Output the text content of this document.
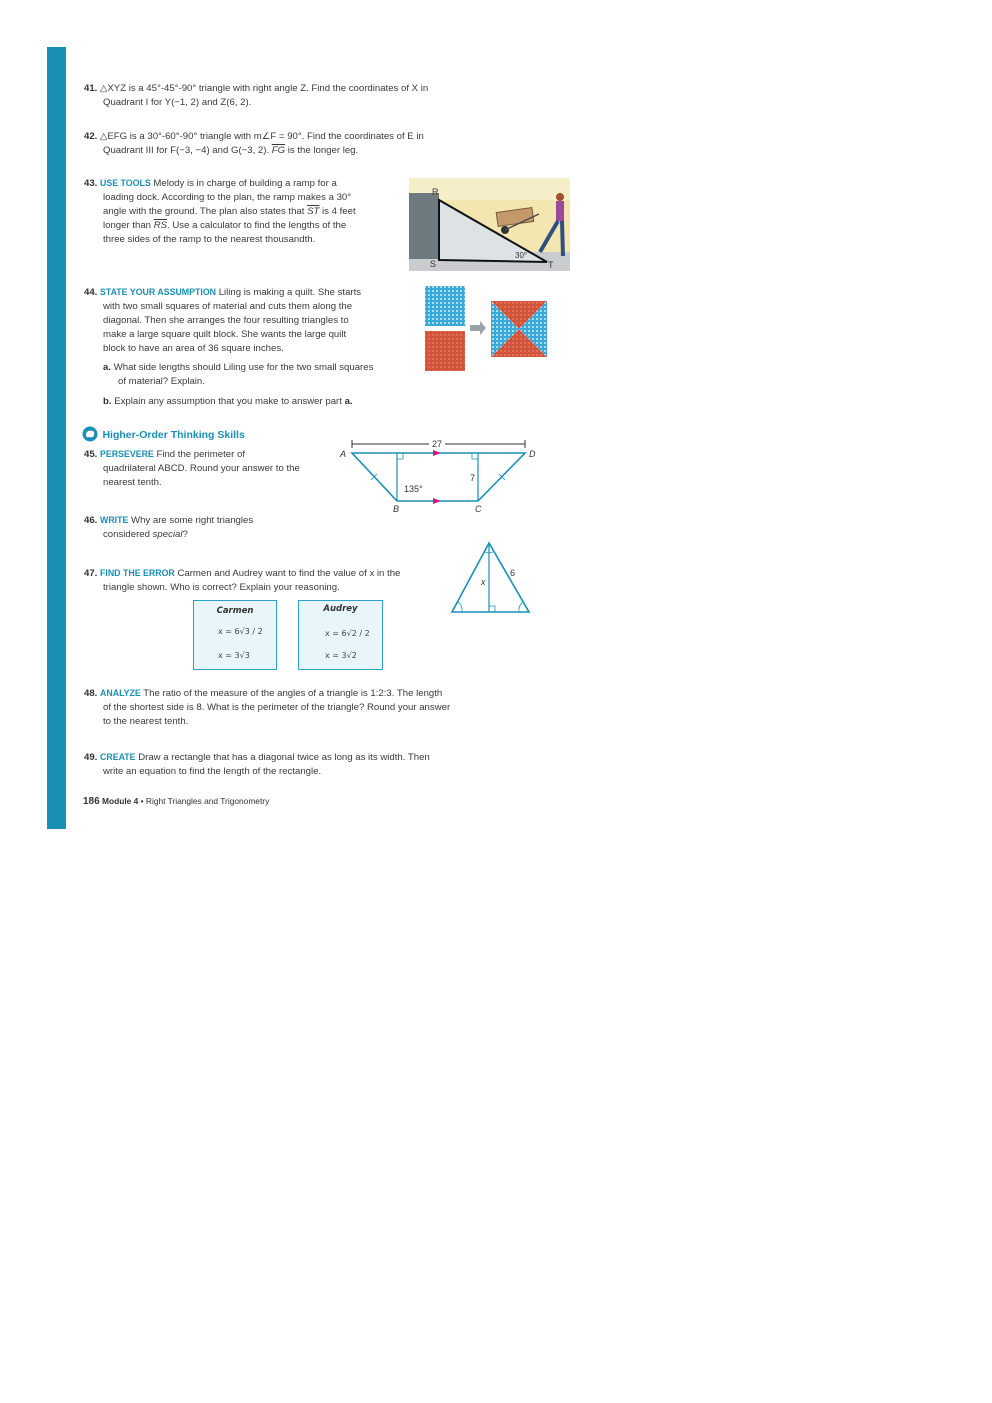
41. △XYZ is a 45°-45°-90° triangle with right angle Z. Find the coordinates of X in
Quadrant I for Y(−1, 2) and Z(6, 2).
42. △EFG is a 30°-60°-90° triangle with m∠F = 90°. Find the coordinates of E in
Quadrant III for F(−3, −4) and G(−3, 2). $\overline{FG}$ is the longer leg.
43. USE TOOLS Melody is in charge of building a ramp for a
loading dock. According to the plan, the ramp makes a 30°
angle with the ground. The plan also states that $\overline{ST}$ is 4 feet
longer than $\overline{RS}$. Use a calculator to find the lengths of the
three sides of the ramp to the nearest thousandth.
R
S	T
30°
44. STATE YOUR ASSUMPTION Liling is making a quilt. She starts
with two small squares of material and cuts them along the
diagonal. Then she arranges the four resulting triangles to
make a large square quilt block. She wants the large quilt
block to have an area of 36 square inches.
a. What side lengths should Liling use for the two small squares
of material? Explain.
b. Explain any assumption that you make to answer part a.
Higher-Order Thinking Skills
45. PERSEVERE Find the perimeter of
quadrilateral ABCD. Round your answer to the
nearest tenth.
27
A	D
B	C
7
135°
46. WRITE Why are some right triangles
considered special?
47. FIND THE ERROR Carmen and Audrey want to find the value of x in the
triangle shown. Who is correct? Explain your reasoning.	x
6
Carmen
x = 6√3 / 2
x = 3√3
Audrey
x = 6√2 / 2
x = 3√2
48. ANALYZE The ratio of the measure of the angles of a triangle is 1:2:3. The length
of the shortest side is 8. What is the perimeter of the triangle? Round your answer
to the nearest tenth.
49. CREATE Draw a rectangle that has a diagonal twice as long as its width. Then
write an equation to find the length of the rectangle.
186 Module 4 • Right Triangles and Trigonometry
